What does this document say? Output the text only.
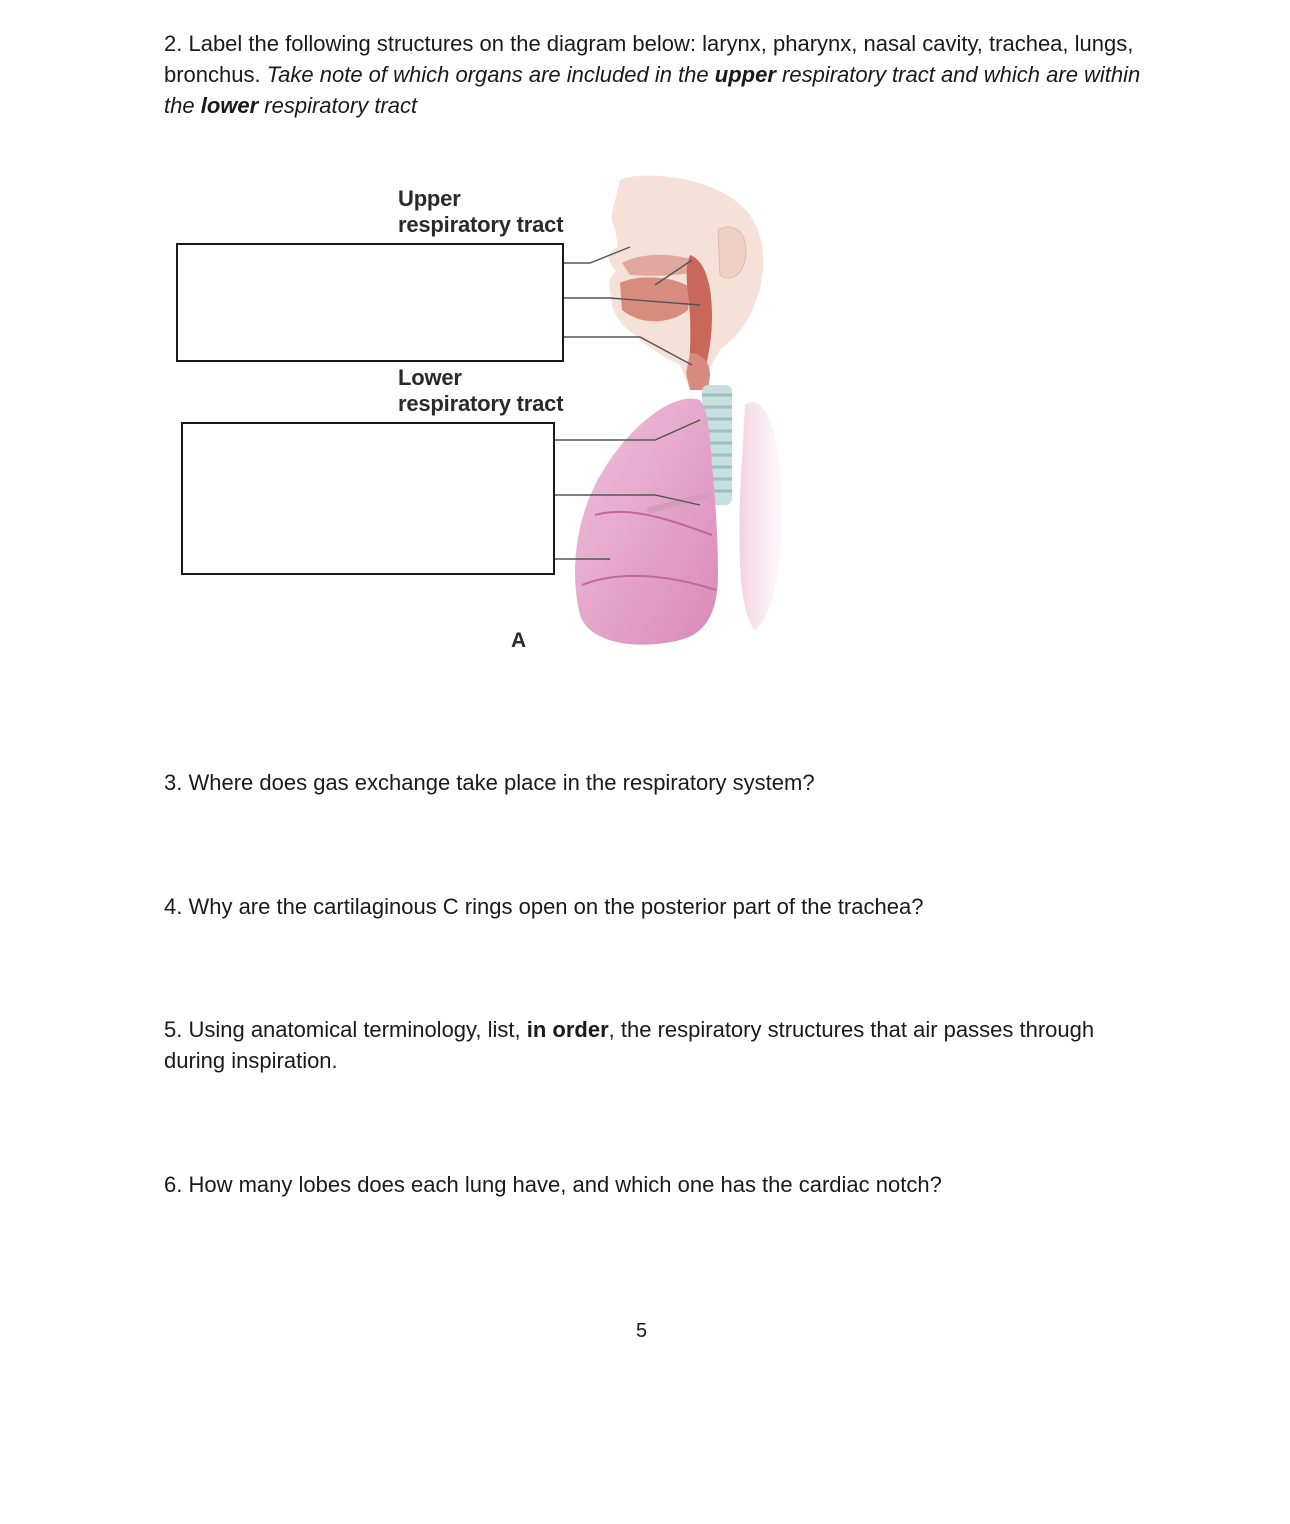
2. Label the following structures on the diagram below: larynx, pharynx, nasal cavity, trachea, lungs, bronchus. Take note of which organs are included in the upper respiratory tract and which are within the lower respiratory tract

Upper
respiratory tract
Lower
respiratory tract
A

3. Where does gas exchange take place in the respiratory system?

4. Why are the cartilaginous C rings open on the posterior part of the trachea?

5. Using anatomical terminology, list, in order, the respiratory structures that air passes through during inspiration.

6. How many lobes does each lung have, and which one has the cardiac notch?

5
